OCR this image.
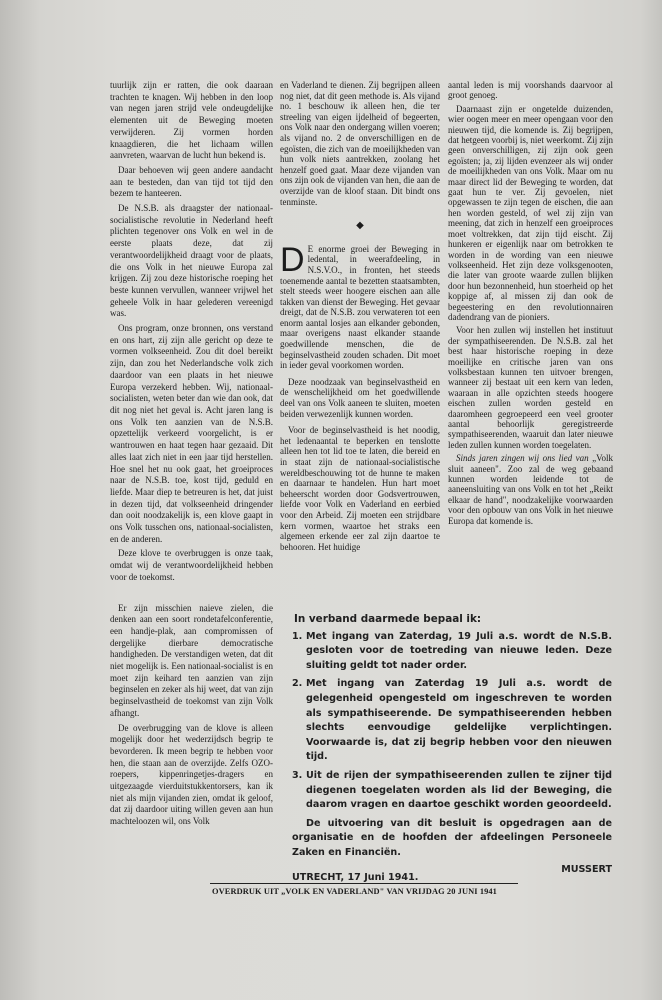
tuurlijk zijn er ratten, die ook daaraan trachten te knagen. Wij hebben in den loop van negen jaren strijd vele ondeugdelijke elementen uit de Beweging moeten verwijderen. Zij vormen horden knaagdieren, die het lichaam willen aanvreten, waarvan de lucht hun bekend is.

Daar behoeven wij geen andere aandacht aan te besteden, dan van tijd tot tijd den bezem te hanteeren.

De N.S.B. als draagster der nationaal-socialistische revolutie in Nederland heeft plichten tegenover ons Volk en wel in de eerste plaats deze, dat zij verantwoordelijkheid draagt voor de plaats, die ons Volk in het nieuwe Europa zal krijgen. Zij zou deze historische roeping het beste kunnen vervullen, wanneer vrijwel het geheele Volk in haar gelederen vereenigd was.

Ons program, onze bronnen, ons verstand en ons hart, zij zijn alle gericht op deze te vormen volkseenheid. Zou dit doel bereikt zijn, dan zou het Nederlandsche volk zich daardoor van een plaats in het nieuwe Europa verzekerd hebben. Wij, nationaal-socialisten, weten beter dan wie dan ook, dat dit nog niet het geval is. Acht jaren lang is ons Volk ten aanzien van de N.S.B. opzettelijk verkeerd voorgelicht, is er wantrouwen en haat tegen haar gezaaid. Dit alles laat zich niet in een jaar tijd herstellen. Hoe snel het nu ook gaat, het groeiproces naar de N.S.B. toe, kost tijd, geduld en liefde. Maar diep te betreuren is het, dat juist in dezen tijd, dat volkseenheid dringender dan ooit noodzakelijk is, een klove gaapt in ons Volk tusschen ons, nationaal-socialisten, en de anderen.

Deze klove te overbruggen is onze taak, omdat wij de verantwoordelijkheid hebben voor de toekomst.

Er zijn misschien naieve zielen, die denken aan een soort rondetafelconferentie, een handje-plak, aan compromissen of dergelijke dierbare democratische handigheden. De verstandigen weten, dat dit niet mogelijk is. Een nationaal-socialist is en moet zijn keihard ten aanzien van zijn beginselen en zeker als hij weet, dat van zijn beginselvastheid de toekomst van zijn Volk afhangt.

De overbrugging van de klove is alleen mogelijk door het wederzijdsch begrip te bevorderen. Ik meen begrip te hebben voor hen, die staan aan de overzijde. Zelfs OZO-roepers, kippenringetjes-dragers en uitgezaagde vierduitstukkentorsers, kan ik niet als mijn vijanden zien, omdat ik geloof, dat zij daardoor uiting willen geven aan hun machteloozen wil, ons Volk

en Vaderland te dienen. Zij begrijpen alleen nog niet, dat dit geen methode is. Als vijand no. 1 beschouw ik alleen hen, die ter streeling van eigen ijdelheid of begeerten, ons Volk naar den ondergang willen voeren; als vijand no. 2 de onverschilligen en de egoïsten, die zich van de moeilijkheden van hun volk niets aantrekken, zoolang het henzelf goed gaat. Maar deze vijanden van ons zijn ook de vijanden van hen, die aan de overzijde van de kloof staan. Dit bindt ons tenminste.

◆

D E enorme groei der Beweging in ledental, in weerafdeeling, in N.S.V.O., in fronten, het steeds toenemende aantal te bezetten staatsambten, stelt steeds weer hoogere eischen aan alle takken van dienst der Beweging. Het gevaar dreigt, dat de N.S.B. zou verwateren tot een enorm aantal losjes aan elkander gebonden, maar overigens naast elkander staande goedwillende menschen, die de beginselvastheid zouden schaden. Dit moet in ieder geval voorkomen worden.

Deze noodzaak van beginselvastheid en de wenschelijkheid om het goedwillende deel van ons Volk aaneen te sluiten, moeten beiden verwezenlijk kunnen worden.

Voor de beginselvastheid is het noodig, het ledenaantal te beperken en tenslotte alleen hen tot lid toe te laten, die bereid en in staat zijn de nationaal-socialistische wereldbeschouwing tot de hunne te maken en daarnaar te handelen. Hun hart moet beheerscht worden door Godsvertrouwen, liefde voor Volk en Vaderland en eerbied voor den Arbeid. Zij moeten een strijdbare kern vormen, waartoe het straks een algemeen erkende eer zal zijn daartoe te behooren. Het huidige

aantal leden is mij voorshands daarvoor al groot genoeg.

Daarnaast zijn er ongetelde duizenden, wier oogen meer en meer opengaan voor den nieuwen tijd, die komende is. Zij begrijpen, dat hetgeen voorbij is, niet weerkomt. Zij zijn geen onverschilligen, zij zijn ook geen egoïsten; ja, zij lijden evenzeer als wij onder de moeilijkheden van ons Volk. Maar om nu maar direct lid der Beweging te worden, dat gaat hun te ver. Zij gevoelen, niet opgewassen te zijn tegen de eischen, die aan hen worden gesteld, of wel zij zijn van meening, dat zich in henzelf een groeiproces moet voltrekken, dat zijn tijd eischt. Zij hunkeren er eigenlijk naar om betrokken te worden in de wording van een nieuwe volkseenheid. Het zijn deze volksgenooten, die later van groote waarde zullen blijken door hun bezonnenheid, hun stoerheid op het koppige af, al missen zij dan ook de begeestering en den revolutionnairen dadendrang van de pioniers.

Voor hen zullen wij instellen het instituut der sympathiseerenden. De N.S.B. zal het best haar historische roeping in deze moeilijke en critische jaren van ons volksbestaan kunnen ten uitvoer brengen, wanneer zij bestaat uit een kern van leden, waaraan in alle opzichten steeds hoogere eischen zullen worden gesteld en daaromheen gegroepeerd een veel grooter aantal behoorlijk geregistreerde sympathiseerenden, waaruit dan later nieuwe leden zullen kunnen worden toegelaten.

Sinds jaren zingen wij ons lied van „Volk sluit aaneen". Zoo zal de weg gebaand kunnen worden leidende tot de aaneensluiting van ons Volk en tot het „Reikt elkaar de hand", noodzakelijke voorwaarden voor den opbouw van ons Volk in het nieuwe Europa dat komende is.

In verband daarmede bepaal ik:
1. Met ingang van Zaterdag, 19 Juli a.s. wordt de N.S.B. gesloten voor de toetreding van nieuwe leden. Deze sluiting geldt tot nader order.
2. Met ingang van Zaterdag 19 Juli a.s. wordt de gelegenheid opengesteld om ingeschreven te worden als sympathiseerende. De sympathiseerenden hebben slechts eenvoudige geldelijke verplichtingen. Voorwaarde is, dat zij begrip hebben voor den nieuwen tijd.
3. Uit de rijen der sympathiseerenden zullen te zijner tijd diegenen toegelaten worden als lid der Beweging, die daarom vragen en daartoe geschikt worden geoordeeld.

De uitvoering van dit besluit is opgedragen aan de organisatie en de hoofden der afdeelingen Personeele Zaken en Financiën.

UTRECHT, 17 Juni 1941.
MUSSERT
OVERDRUK UIT „VOLK EN VADERLAND" VAN VRIJDAG 20 JUNI 1941
